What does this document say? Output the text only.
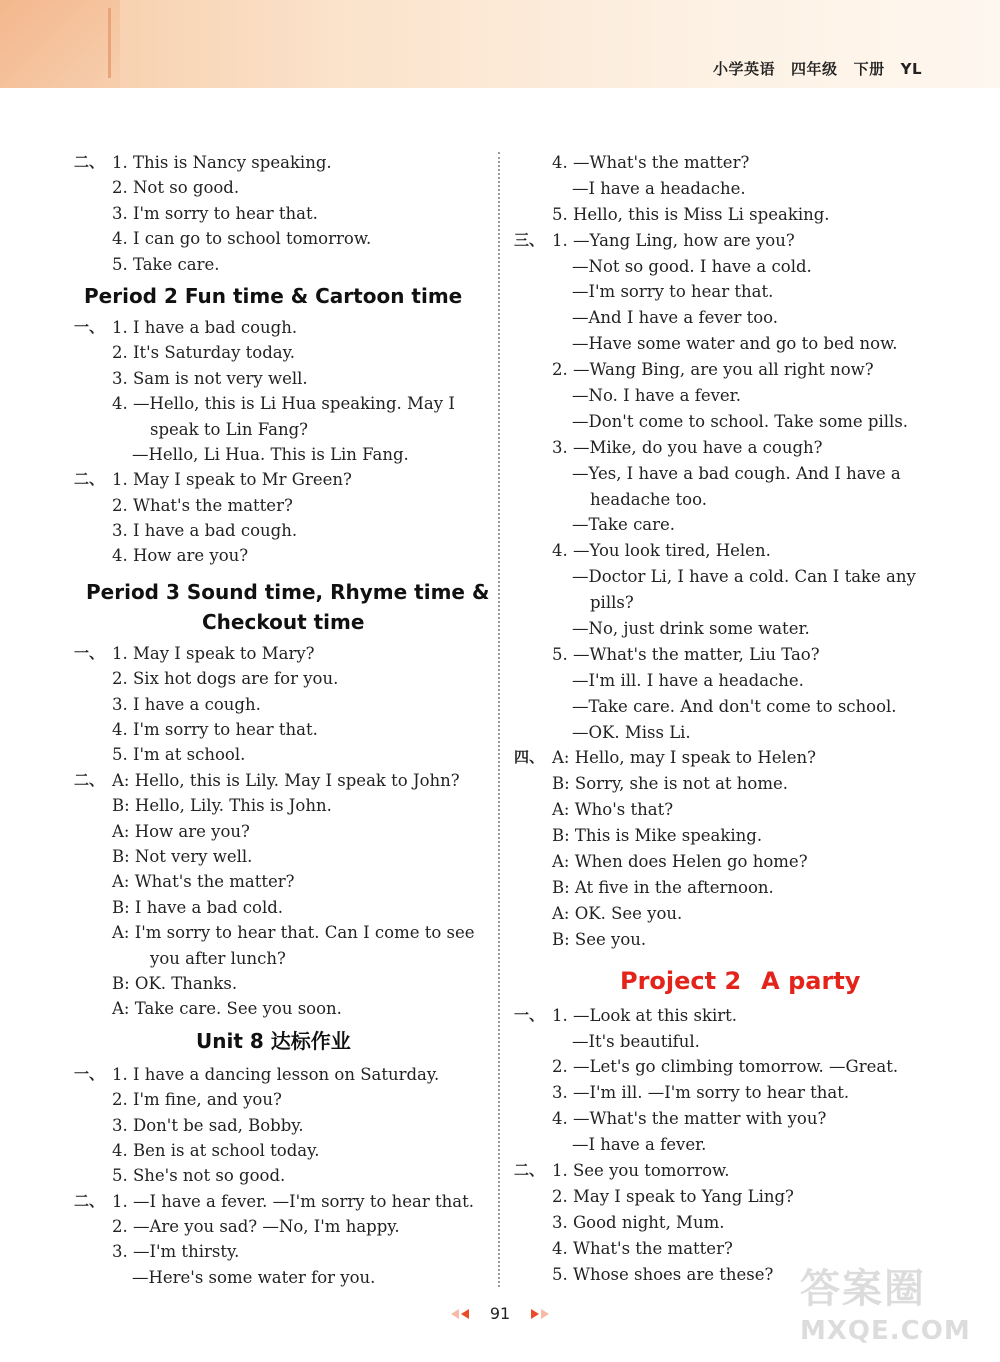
小学英语 四年级 下册 YL
二、 1. This is Nancy speaking.
2. Not so good.
3. I'm sorry to hear that.
4. I can go to school tomorrow.
5. Take care.
Period 2 Fun time & Cartoon time
一、 1. I have a bad cough.
2. It's Saturday today.
3. Sam is not very well.
4. —Hello, this is Li Hua speaking. May I
speak to Lin Fang?
—Hello, Li Hua. This is Lin Fang.
二、 1. May I speak to Mr Green?
2. What's the matter?
3. I have a bad cough.
4. How are you?
Period 3 Sound time, Rhyme time &
Checkout time
一、 1. May I speak to Mary?
2. Six hot dogs are for you.
3. I have a cough.
4. I'm sorry to hear that.
5. I'm at school.
二、 A: Hello, this is Lily. May I speak to John?
B: Hello, Lily. This is John.
A: How are you?
B: Not very well.
A: What's the matter?
B: I have a bad cold.
A: I'm sorry to hear that. Can I come to see
you after lunch?
B: OK. Thanks.
A: Take care. See you soon.
Unit 8 达标作业
一、 1. I have a dancing lesson on Saturday.
2. I'm fine, and you?
3. Don't be sad, Bobby.
4. Ben is at school today.
5. She's not so good.
二、 1. —I have a fever. —I'm sorry to hear that.
2. —Are you sad? —No, I'm happy.
3. —I'm thirsty.
—Here's some water for you.
4. —What's the matter?
—I have a headache.
5. Hello, this is Miss Li speaking.
三、 1. —Yang Ling, how are you?
—Not so good. I have a cold.
—I'm sorry to hear that.
—And I have a fever too.
—Have some water and go to bed now.
2. —Wang Bing, are you all right now?
—No. I have a fever.
—Don't come to school. Take some pills.
3. —Mike, do you have a cough?
—Yes, I have a bad cough. And I have a
headache too.
—Take care.
4. —You look tired, Helen.
—Doctor Li, I have a cold. Can I take any
pills?
—No, just drink some water.
5. —What's the matter, Liu Tao?
—I'm ill. I have a headache.
—Take care. And don't come to school.
—OK. Miss Li.
四、 A: Hello, may I speak to Helen?
B: Sorry, she is not at home.
A: Who's that?
B: This is Mike speaking.
A: When does Helen go home?
B: At five in the afternoon.
A: OK. See you.
B: See you.
Project 2 A party
一、 1. —Look at this skirt.
—It's beautiful.
2. —Let's go climbing tomorrow. —Great.
3. —I'm ill. —I'm sorry to hear that.
4. —What's the matter with you?
—I have a fever.
二、 1. See you tomorrow.
2. May I speak to Yang Ling?
3. Good night, Mum.
4. What's the matter?
5. Whose shoes are these?
91
答案圈
MXQE.COM
